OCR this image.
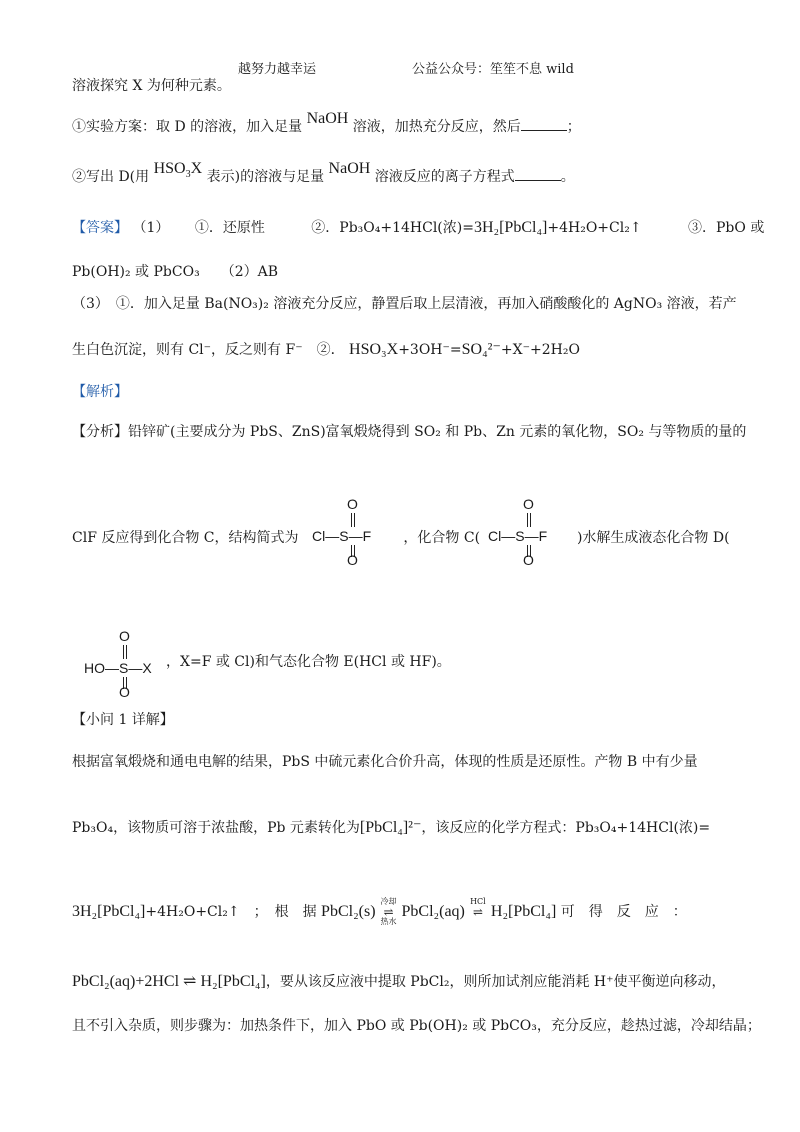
越努力越幸运	公益公众号：笙笙不息 wild
溶液探究 X 为何种元素。
①实验方案：取 D 的溶液，加入足量 NaOH 溶液，加热充分反应，然后	；
②写出 D(用 $HSO_3X$ 表示)的溶液与足量 NaOH 溶液反应的离子方程式	。
【答案】 （1）　　 ①．还原性　　　	②．Pb₃O₄+14HCl(浓)=3H₂[PbCl₄]+4H₂O+Cl₂↑　　　	③．PbO 或
Pb(OH)₂ 或 PbCO₃　　（2）AB
（3）　①．加入足量 Ba(NO₃)₂ 溶液充分反应，静置后取上层清液，再加入硝酸酸化的 AgNO₃ 溶液，若产
生白色沉淀，则有 Cl⁻，反之则有 F⁻　②． HSO₃X+3OH⁻=SO₄²⁻+X⁻+2H₂O
【解析】
【分析】铅锌矿(主要成分为 PbS、ZnS)富氧煅烧得到 SO₂ 和 Pb、Zn 元素的氧化物，SO₂ 与等物质的量的
ClF 反应得到化合物 C，结构简式为	，化合物 C(	)水解生成液态化合物 D(
O
Cl—S—F
O
O
Cl—S—F
O
O
HO—S—X
O
，X=F 或 Cl)和气态化合物 E(HCl 或 HF)。
【小问 1 详解】
根据富氧煅烧和通电电解的结果，PbS 中硫元素化合价升高，体现的性质是还原性。产物 B 中有少量
Pb₃O₄，该物质可溶于浓盐酸，Pb 元素转化为[PbCl₄]²⁻，该反应的化学方程式：Pb₃O₄+14HCl(浓)=
3H₂[PbCl₄]+4H₂O+Cl₂↑　；　根　据 PbCl₂(s) ⇌
冷却
热水
PbCl₂(aq) ⇌
HCl
H₂[PbCl₄] 可　得　反　应　：
PbCl₂(aq)+2HCl ⇌ H₂[PbCl₄]，要从该反应液中提取 PbCl₂，则所加试剂应能消耗 H⁺使平衡逆向移动，
且不引入杂质，则步骤为：加热条件下，加入 PbO 或 Pb(OH)₂ 或 PbCO₃，充分反应，趁热过滤，冷却结晶；
